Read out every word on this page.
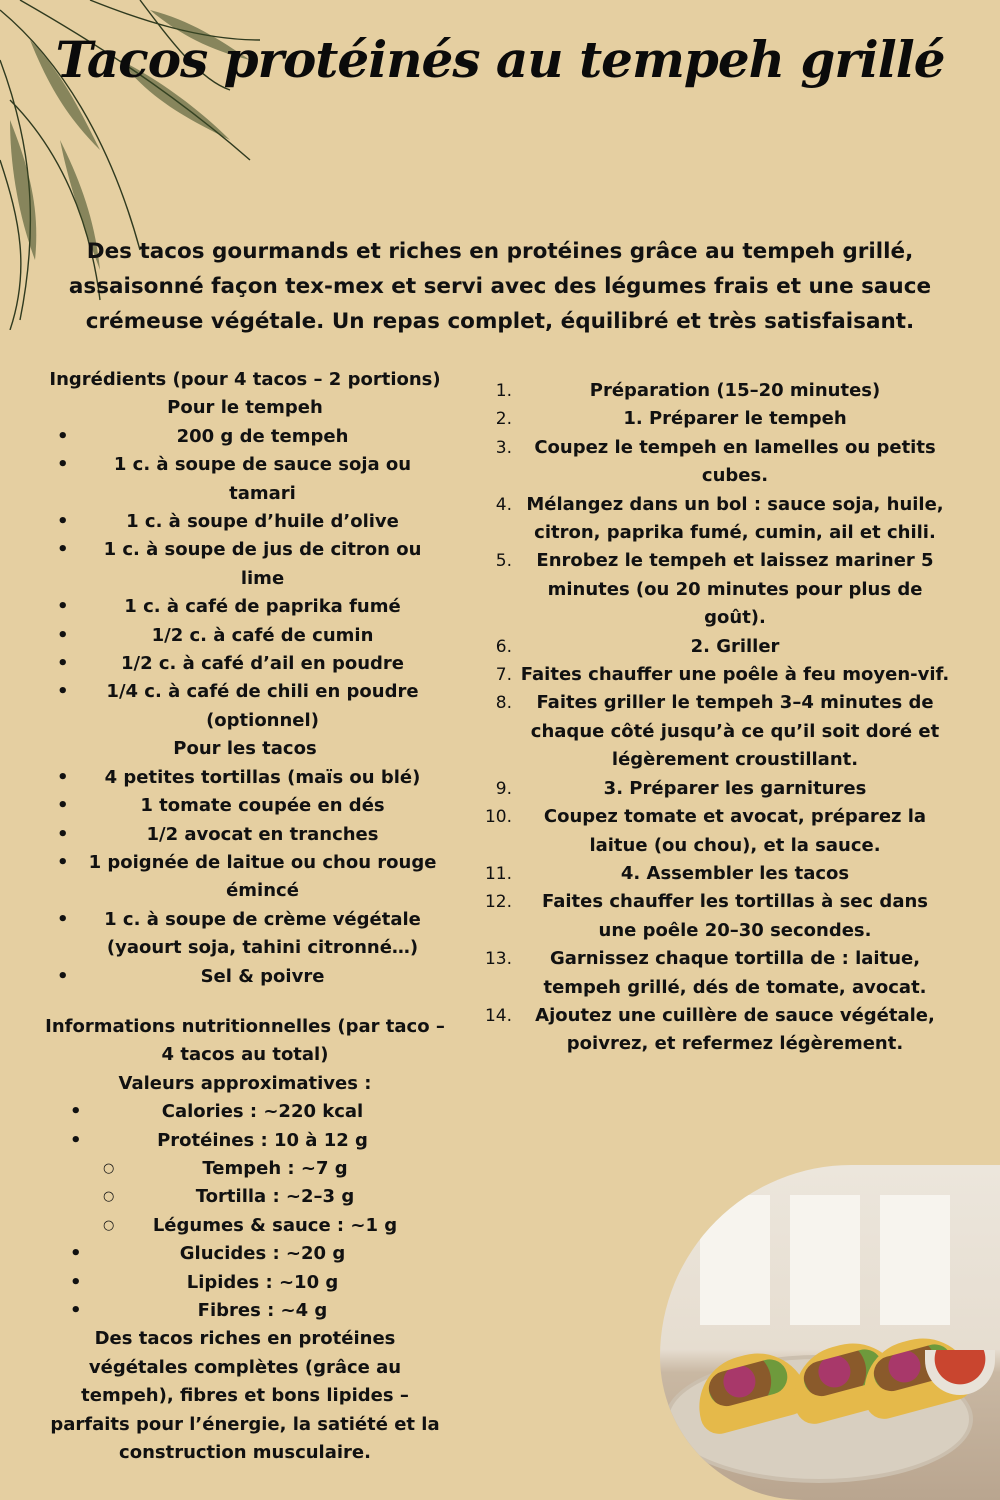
Tacos protéinés au tempeh grillé

Des tacos gourmands et riches en protéines grâce au tempeh grillé, assaisonné façon tex-mex et servi avec des légumes frais et une sauce crémeuse végétale. Un repas complet, équilibré et très satisfaisant.

Ingrédients (pour 4 tacos – 2 portions)
Pour le tempeh
• 200 g de tempeh
• 1 c. à soupe de sauce soja ou tamari
• 1 c. à soupe d’huile d’olive
• 1 c. à soupe de jus de citron ou lime
• 1 c. à café de paprika fumé
• 1/2 c. à café de cumin
• 1/2 c. à café d’ail en poudre
• 1/4 c. à café de chili en poudre (optionnel)
Pour les tacos
• 4 petites tortillas (maïs ou blé)
• 1 tomate coupée en dés
• 1/2 avocat en tranches
• 1 poignée de laitue ou chou rouge émincé
• 1 c. à soupe de crème végétale (yaourt soja, tahini citronné…)
• Sel & poivre
Informations nutritionnelles (par taco – 4 tacos au total)
Valeurs approximatives :
• Calories : ~220 kcal
• Protéines : 10 à 12 g
○ Tempeh : ~7 g
○ Tortilla : ~2–3 g
○ Légumes & sauce : ~1 g
• Glucides : ~20 g
• Lipides : ~10 g
• Fibres : ~4 g
Des tacos riches en protéines végétales complètes (grâce au tempeh), fibres et bons lipides – parfaits pour l’énergie, la satiété et la construction musculaire.
1.	Préparation (15–20 minutes)
2.	1. Préparer le tempeh
3. Coupez le tempeh en lamelles ou petits cubes.
4. Mélangez dans un bol : sauce soja, huile, citron, paprika fumé, cumin, ail et chili.
5. Enrobez le tempeh et laissez mariner 5 minutes (ou 20 minutes pour plus de goût).
6.	2. Griller
7. Faites chauffer une poêle à feu moyen-vif.
8. Faites griller le tempeh 3–4 minutes de chaque côté jusqu’à ce qu’il soit doré et légèrement croustillant.
9.	3. Préparer les garnitures
10. Coupez tomate et avocat, préparez la laitue (ou chou), et la sauce.
11.	4. Assembler les tacos
12. Faites chauffer les tortillas à sec dans une poêle 20–30 secondes.
13. Garnissez chaque tortilla de : laitue, tempeh grillé, dés de tomate, avocat.
14. Ajoutez une cuillère de sauce végétale, poivrez, et refermez légèrement.
